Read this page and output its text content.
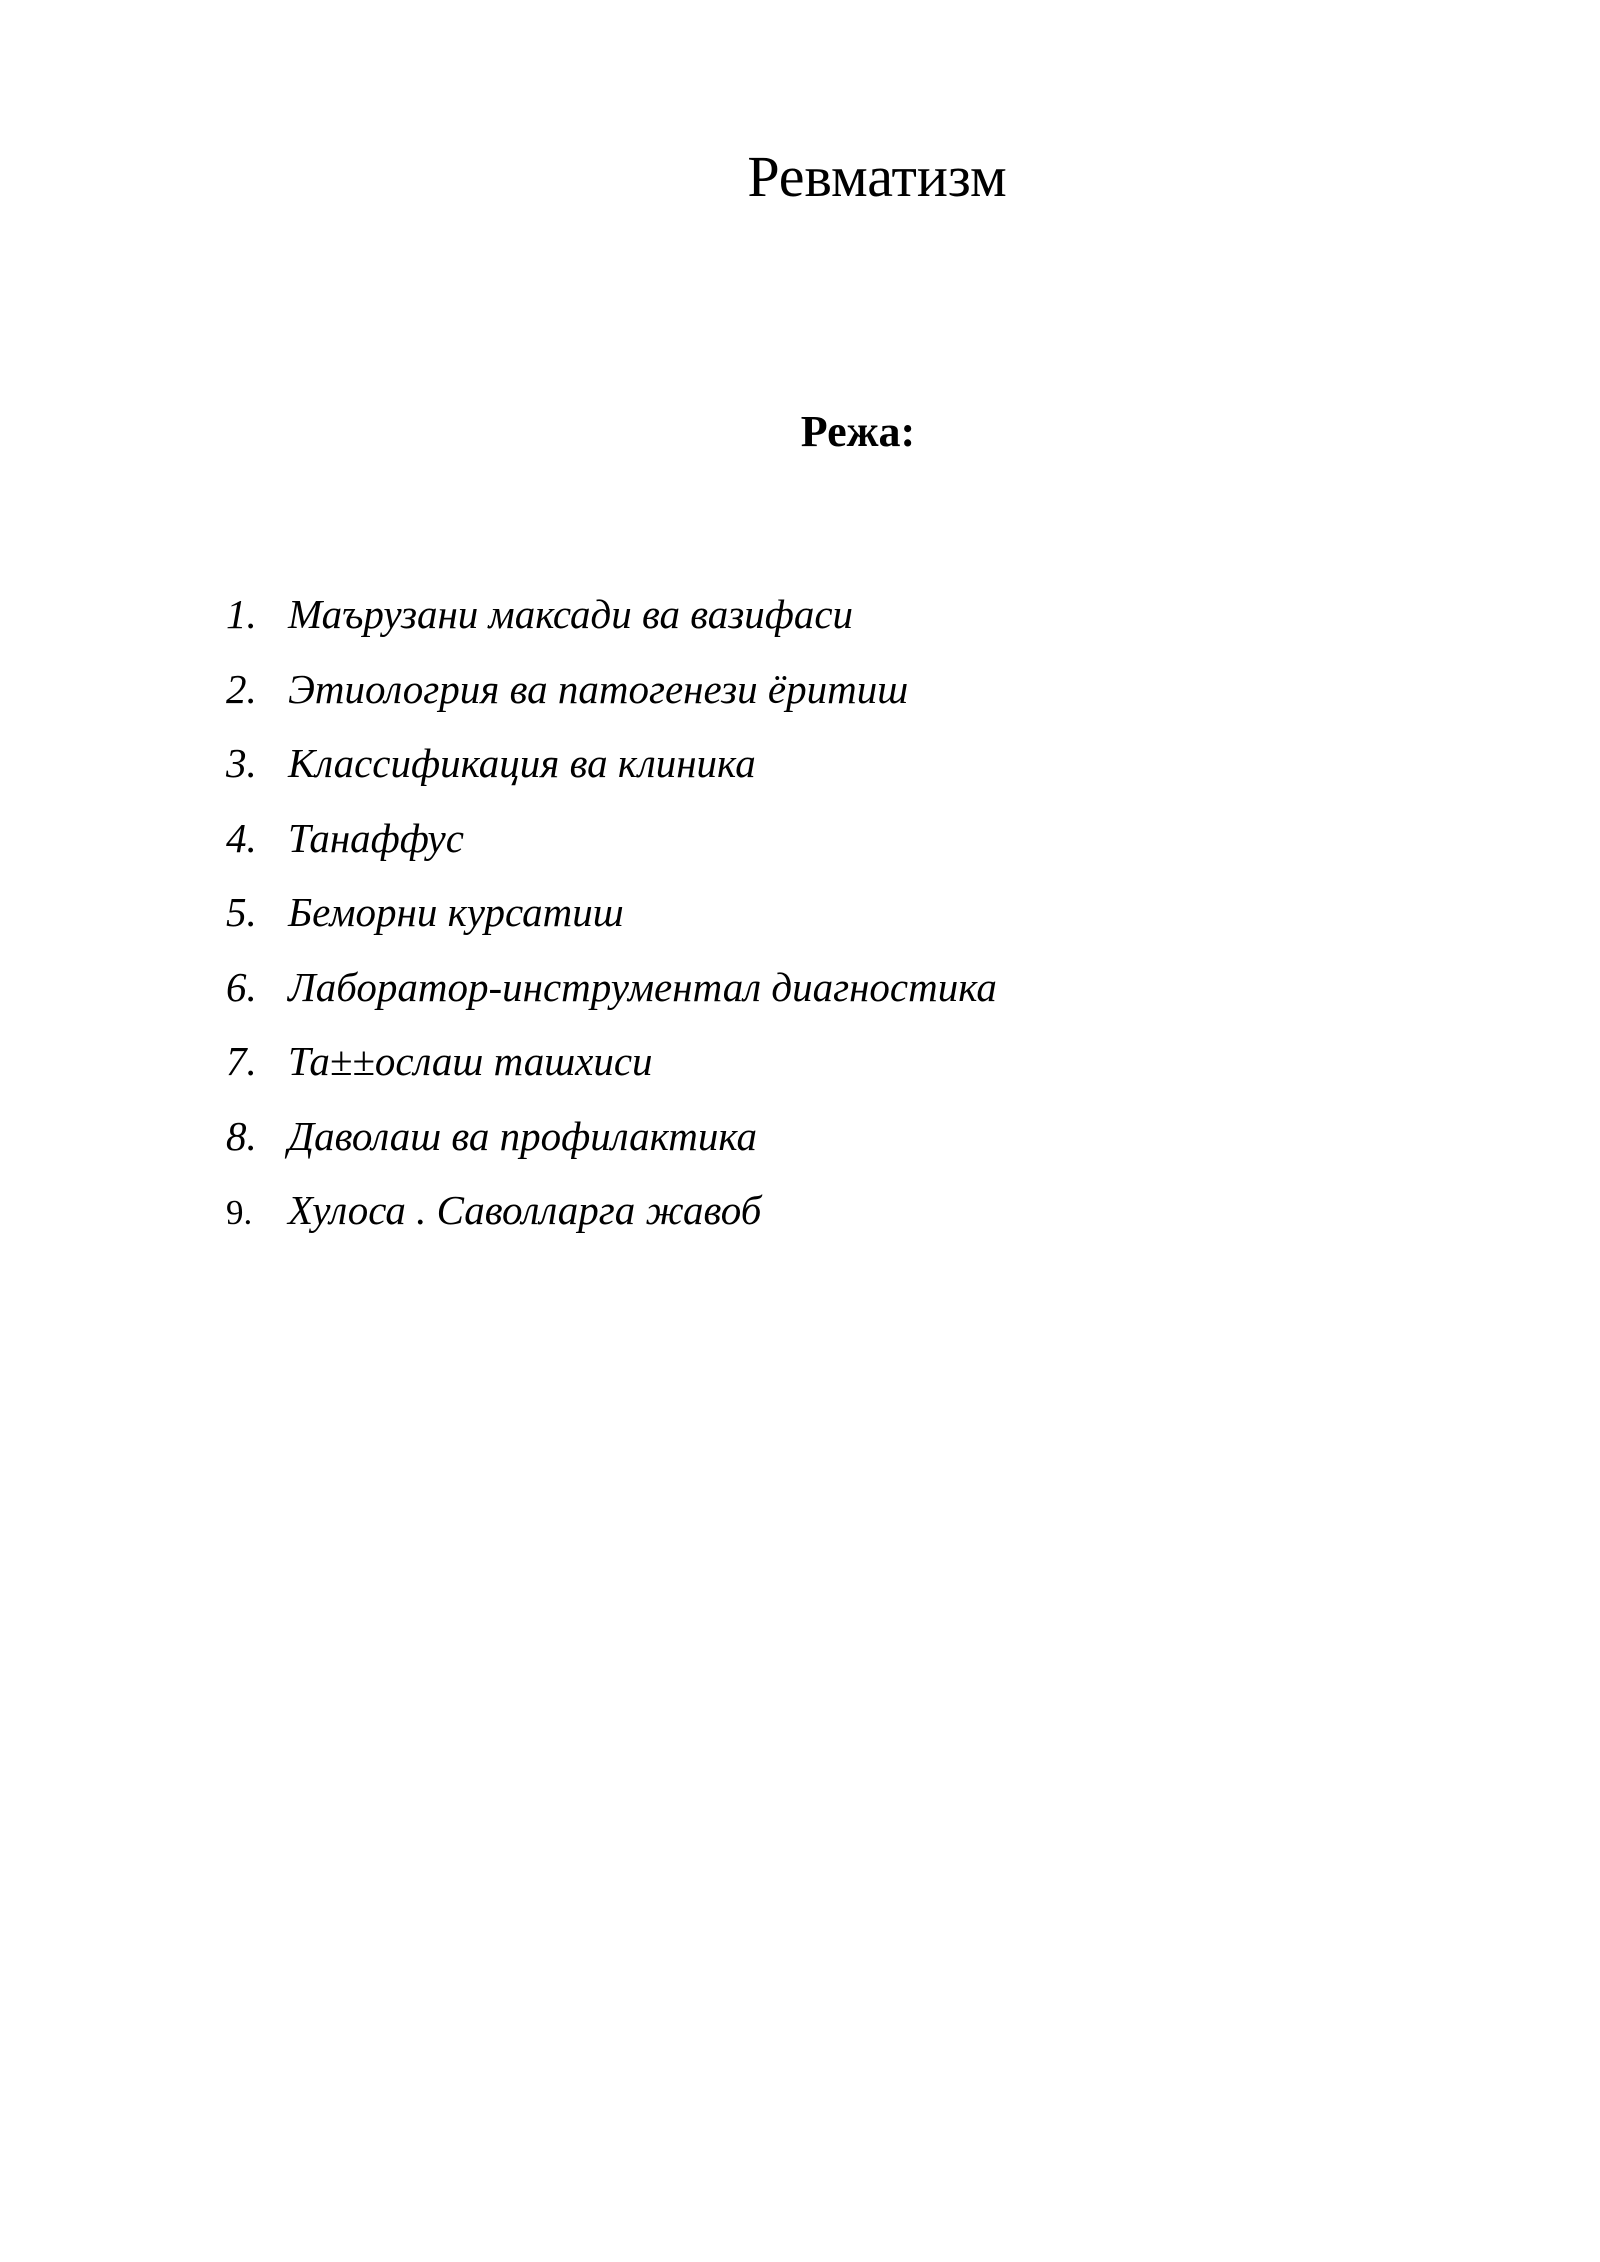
Ревматизм
Режа:
1. Маърузани максади ва вазифаси
2. Этиологрия ва патогенези ёритиш
3. Классификация ва клиника
4. Танаффус
5. Беморни курсатиш
6. Лаборатор-инструментал диагностика
7. Та±±ослаш ташхиси
8. Даволаш ва профилактика
9. Хулоса . Саволларга жавоб
